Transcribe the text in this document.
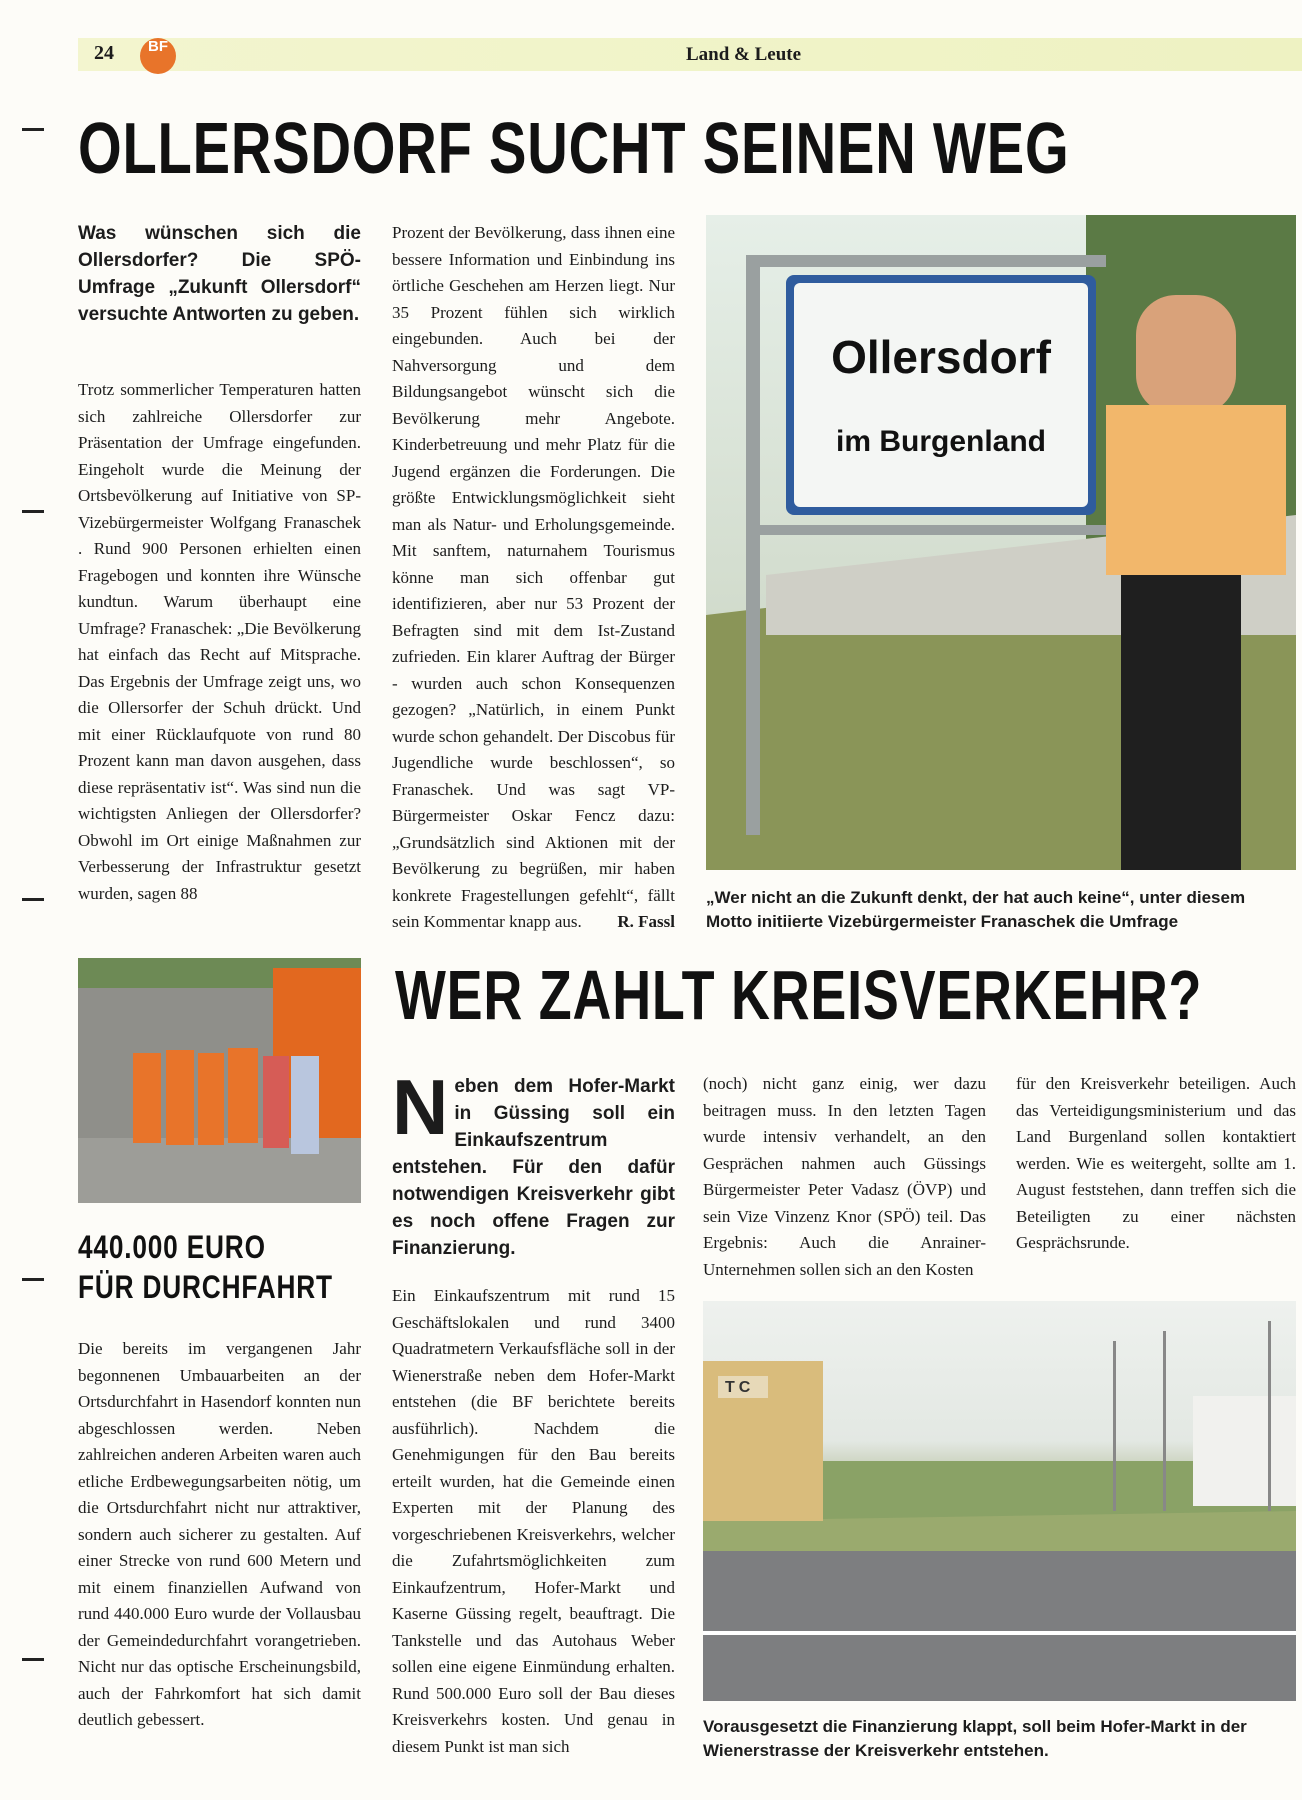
24	BF	Land & Leute
OLLERSDORF SUCHT SEINEN WEG
Was wünschen sich die Ollersdorfer? Die SPÖ-Umfrage „Zukunft Ollersdorf“ versuchte Antworten zu geben.

Trotz sommerlicher Temperaturen hatten sich zahlreiche Ollersdorfer zur Präsentation der Umfrage eingefunden. Eingeholt wurde die Meinung der Ortsbevölkerung auf Initiative von SP-Vizebürgermeister Wolfgang Franaschek . Rund 900 Personen erhielten einen Fragebogen und konnten ihre Wünsche kundtun. Warum überhaupt eine Umfrage? Franaschek: „Die Bevölkerung hat einfach das Recht auf Mitsprache. Das Ergebnis der Umfrage zeigt uns, wo die Ollersorfer der Schuh drückt. Und mit einer Rücklaufquote von rund 80 Prozent kann man davon ausgehen, dass diese repräsentativ ist“. Was sind nun die wichtigsten Anliegen der Ollersdorfer? Obwohl im Ort einige Maßnahmen zur Verbesserung der Infrastruktur gesetzt wurden, sagen 88

Prozent der Bevölkerung, dass ihnen eine bessere Information und Einbindung ins örtliche Geschehen am Herzen liegt. Nur 35 Prozent fühlen sich wirklich eingebunden. Auch bei der Nahversorgung und dem Bildungsangebot wünscht sich die Bevölkerung mehr Angebote. Kinderbetreuung und mehr Platz für die Jugend ergänzen die Forderungen. Die größte Entwicklungsmöglichkeit sieht man als Natur- und Erholungsgemeinde. Mit sanftem, naturnahem Tourismus könne man sich offenbar gut identifizieren, aber nur 53 Prozent der Befragten sind mit dem Ist-Zustand zufrieden. Ein klarer Auftrag der Bürger - wurden auch schon Konsequenzen gezogen? „Natürlich, in einem Punkt wurde schon gehandelt. Der Discobus für Jugendliche wurde beschlossen“, so Franaschek. Und was sagt VP-Bürgermeister Oskar Fencz dazu: „Grundsätzlich sind Aktionen mit der Bevölkerung zu begrüßen, mir haben konkrete Fragestellungen gefehlt“, fällt sein Kommentar knapp aus. R. Fassl
Ollersdorf
im Burgenland
„Wer nicht an die Zukunft denkt, der hat auch keine“, unter diesem Motto initiierte Vizebürgermeister Franaschek die Umfrage
440.000 EURO
FÜR DURCHFAHRT

Die bereits im vergangenen Jahr begonnenen Umbauarbeiten an der Ortsdurchfahrt in Hasendorf konnten nun abgeschlossen werden. Neben zahlreichen anderen Arbeiten waren auch etliche Erdbewegungsarbeiten nötig, um die Ortsdurchfahrt nicht nur attraktiver, sondern auch sicherer zu gestalten. Auf einer Strecke von rund 600 Metern und mit einem finanziellen Aufwand von rund 440.000 Euro wurde der Vollausbau der Gemeindedurchfahrt vorangetrieben. Nicht nur das optische Erscheinungsbild, auch der Fahrkomfort hat sich damit deutlich gebessert.

WER ZAHLT KREISVERKEHR?
N eben dem Hofer-Markt in Güssing soll ein Einkaufszentrum entstehen. Für den dafür notwendigen Kreisverkehr gibt es noch offene Fragen zur Finanzierung.

Ein Einkaufszentrum mit rund 15 Geschäftslokalen und rund 3400 Quadratmetern Verkaufsfläche soll in der Wienerstraße neben dem Hofer-Markt entstehen (die BF berichtete bereits ausführlich). Nachdem die Genehmigungen für den Bau bereits erteilt wurden, hat die Gemeinde einen Experten mit der Planung des vorgeschriebenen Kreisverkehrs, welcher die Zufahrtsmöglichkeiten zum Einkaufzentrum, Hofer-Markt und Kaserne Güssing regelt, beauftragt. Die Tankstelle und das Autohaus Weber sollen eine eigene Einmündung erhalten. Rund 500.000 Euro soll der Bau dieses Kreisverkehrs kosten. Und genau in diesem Punkt ist man sich

(noch) nicht ganz einig, wer dazu beitragen muss. In den letzten Tagen wurde intensiv verhandelt, an den Gesprächen nahmen auch Güssings Bürgermeister Peter Vadasz (ÖVP) und sein Vize Vinzenz Knor (SPÖ) teil. Das Ergebnis: Auch die Anrainer-Unternehmen sollen sich an den Kosten

für den Kreisverkehr beteiligen. Auch das Verteidigungsministerium und das Land Burgenland sollen kontaktiert werden. Wie es weitergeht, sollte am 1. August feststehen, dann treffen sich die Beteiligten zu einer nächsten Gesprächsrunde.

TC
Vorausgesetzt die Finanzierung klappt, soll beim Hofer-Markt in der Wienerstrasse der Kreisverkehr entstehen.
